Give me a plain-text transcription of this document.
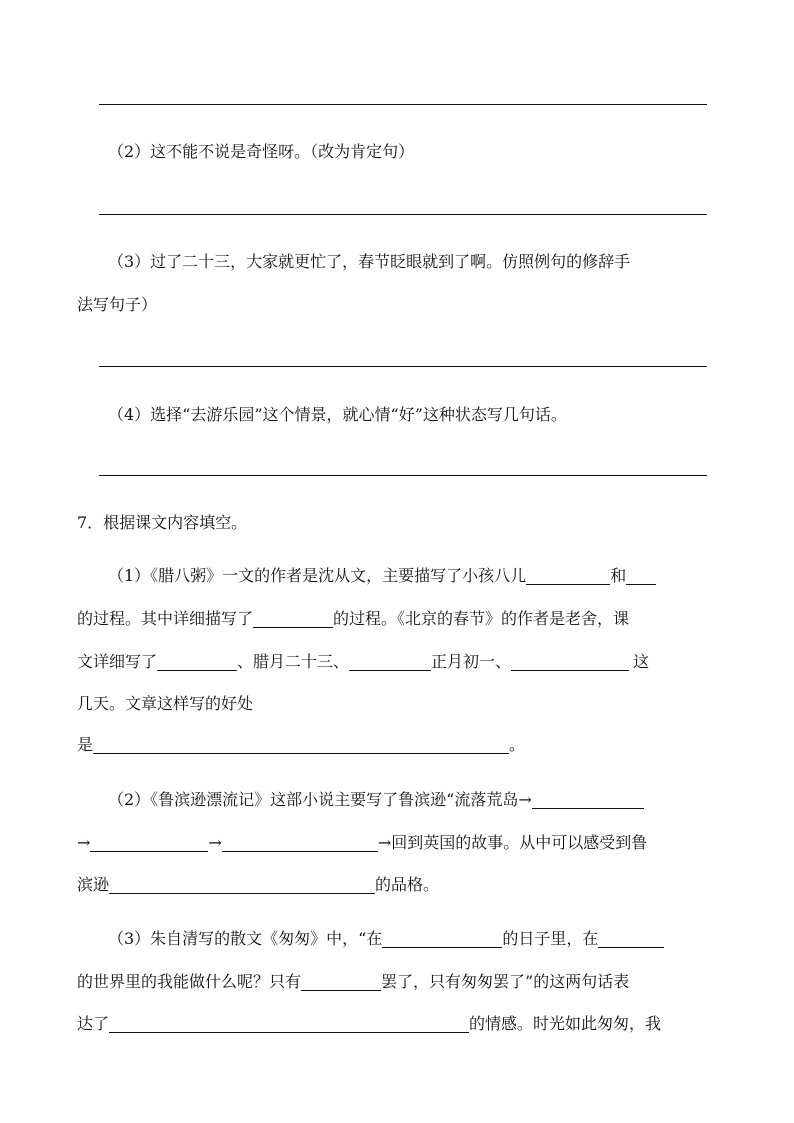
（2）这不能不说是奇怪呀。（改为肯定句）
（3）过了二十三，大家就更忙了，春节眨眼就到了啊。仿照例句的修辞手
法写句子）
（4）选择“去游乐园”这个情景，就心情“好”这种状态写几句话。
7．根据课文内容填空。
（1）《腊八粥》一文的作者是沈从文，主要描写了小孩八儿	和
的过程。其中详细描写了	的过程。《北京的春节》的作者是老舍，课
文详细写了	、腊月二十三、	正月初一、	这
几天。文章这样写的好处
是	。
（2）《鲁滨逊漂流记》这部小说主要写了鲁滨逊“流落荒岛→
→	→	→回到英国的故事。从中可以感受到鲁
滨逊	的品格。
（3）朱自清写的散文《匆匆》中，“在	的日子里，在
的世界里的我能做什么呢？只有	罢了，只有匆匆罢了”的这两句话表
达了	的情感。时光如此匆匆，我
